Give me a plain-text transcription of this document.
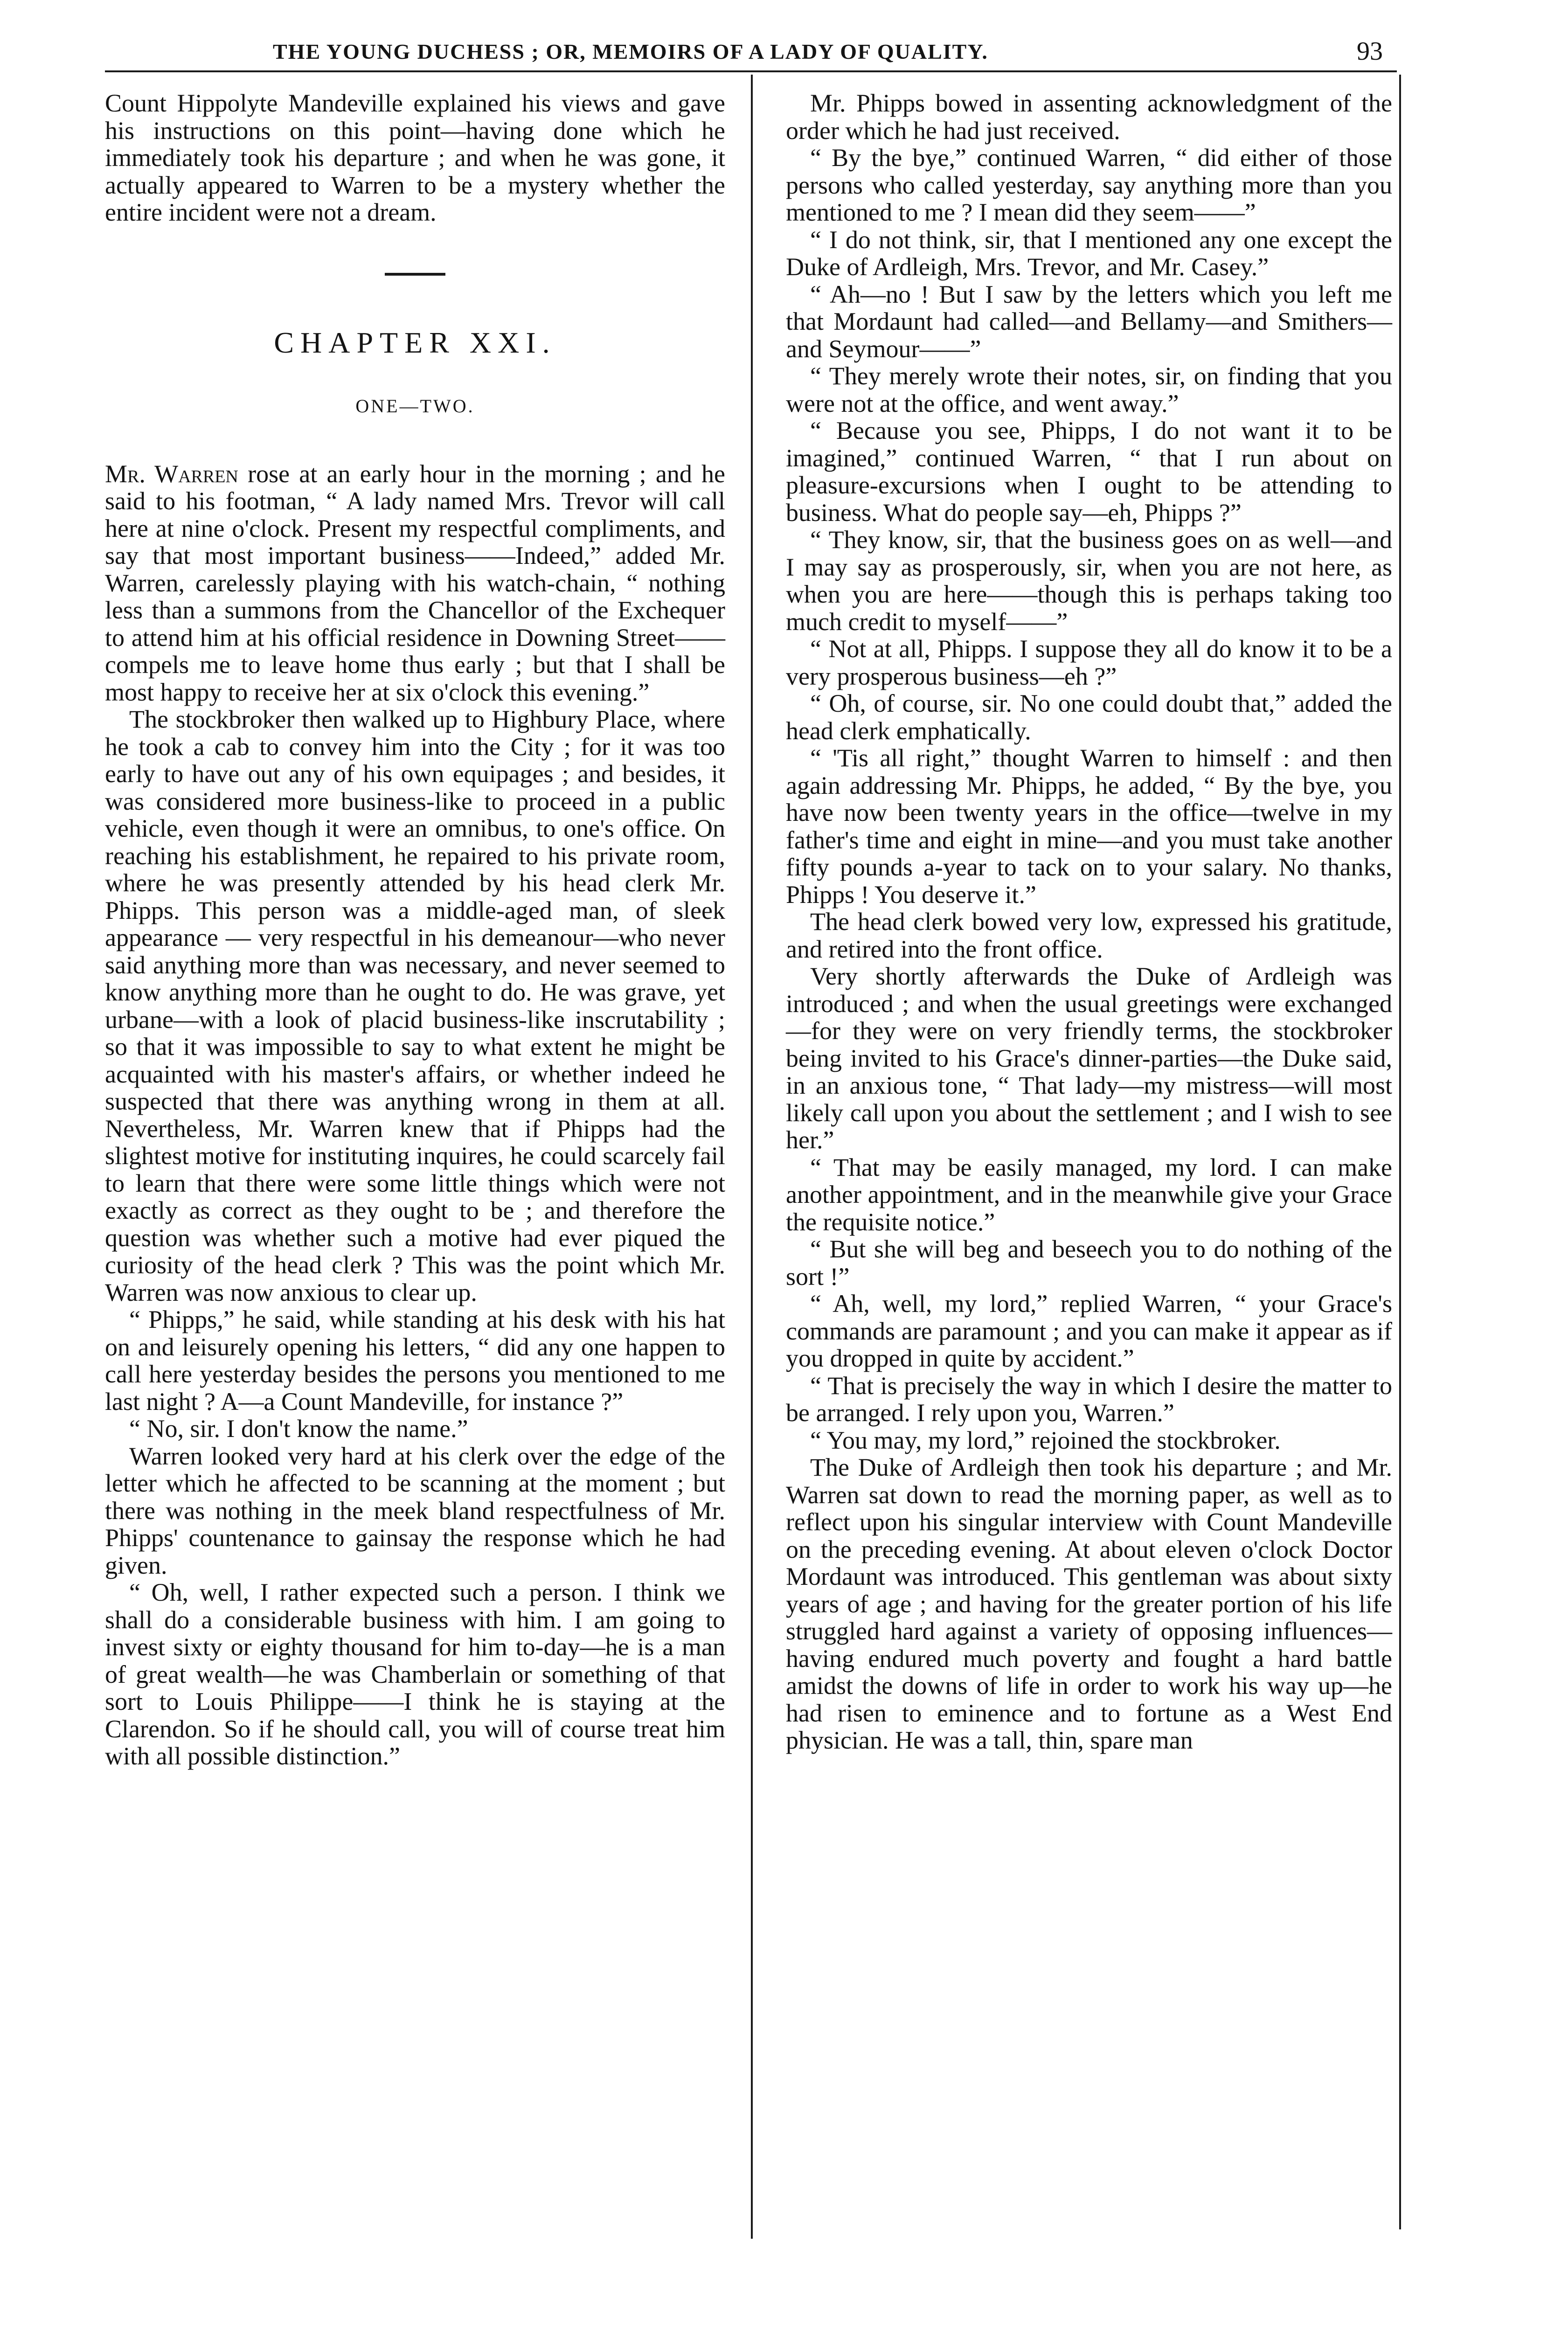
THE YOUNG DUCHESS ; OR, MEMOIRS OF A LADY OF QUALITY.	93

Count Hippolyte Mandeville explained his views and gave his instructions on this point—having done which he immediately took his departure ; and when he was gone, it actually appeared to Warren to be a mystery whether the entire incident were not a dream.

CHAPTER XXI.
ONE—TWO.

Mr. Warren rose at an early hour in the morning ; and he said to his footman, “ A lady named Mrs. Trevor will call here at nine o'clock. Present my respectful compliments, and say that most important business——Indeed,” added Mr. Warren, carelessly playing with his watch-chain, “ nothing less than a summons from the Chancellor of the Exchequer to attend him at his official residence in Downing Street——compels me to leave home thus early ; but that I shall be most happy to receive her at six o'clock this evening.”

The stockbroker then walked up to Highbury Place, where he took a cab to convey him into the City ; for it was too early to have out any of his own equipages ; and besides, it was considered more business-like to proceed in a public vehicle, even though it were an omnibus, to one's office. On reaching his establishment, he repaired to his private room, where he was presently attended by his head clerk Mr. Phipps. This person was a middle-aged man, of sleek appearance — very respectful in his demeanour—who never said anything more than was necessary, and never seemed to know anything more than he ought to do. He was grave, yet urbane—with a look of placid business-like inscrutability ; so that it was impossible to say to what extent he might be acquainted with his master's affairs, or whether indeed he suspected that there was anything wrong in them at all. Nevertheless, Mr. Warren knew that if Phipps had the slightest motive for instituting inquires, he could scarcely fail to learn that there were some little things which were not exactly as correct as they ought to be ; and therefore the question was whether such a motive had ever piqued the curiosity of the head clerk ? This was the point which Mr. Warren was now anxious to clear up.

“ Phipps,” he said, while standing at his desk with his hat on and leisurely opening his letters, “ did any one happen to call here yesterday besides the persons you mentioned to me last night ? A—a Count Mandeville, for instance ?”

“ No, sir. I don't know the name.”

Warren looked very hard at his clerk over the edge of the letter which he affected to be scanning at the moment ; but there was nothing in the meek bland respectfulness of Mr. Phipps' countenance to gainsay the response which he had given.

“ Oh, well, I rather expected such a person. I think we shall do a considerable business with him. I am going to invest sixty or eighty thousand for him to-day—he is a man of great wealth—he was Chamberlain or something of that sort to Louis Philippe——I think he is staying at the Clarendon. So if he should call, you will of course treat him with all possible distinction.”

Mr. Phipps bowed in assenting acknowledgment of the order which he had just received.

“ By the bye,” continued Warren, “ did either of those persons who called yesterday, say anything more than you mentioned to me ? I mean did they seem——”

“ I do not think, sir, that I mentioned any one except the Duke of Ardleigh, Mrs. Trevor, and Mr. Casey.”

“ Ah—no ! But I saw by the letters which you left me that Mordaunt had called—and Bellamy—and Smithers—and Seymour——”

“ They merely wrote their notes, sir, on finding that you were not at the office, and went away.”

“ Because you see, Phipps, I do not want it to be imagined,” continued Warren, “ that I run about on pleasure-excursions when I ought to be attending to business. What do people say—eh, Phipps ?”

“ They know, sir, that the business goes on as well—and I may say as prosperously, sir, when you are not here, as when you are here——though this is perhaps taking too much credit to myself——”

“ Not at all, Phipps. I suppose they all do know it to be a very prosperous business—eh ?”

“ Oh, of course, sir. No one could doubt that,” added the head clerk emphatically.

“ 'Tis all right,” thought Warren to himself : and then again addressing Mr. Phipps, he added, “ By the bye, you have now been twenty years in the office—twelve in my father's time and eight in mine—and you must take another fifty pounds a-year to tack on to your salary. No thanks, Phipps ! You deserve it.”

The head clerk bowed very low, expressed his gratitude, and retired into the front office.

Very shortly afterwards the Duke of Ardleigh was introduced ; and when the usual greetings were exchanged—for they were on very friendly terms, the stockbroker being invited to his Grace's dinner-parties—the Duke said, in an anxious tone, “ That lady—my mistress—will most likely call upon you about the settlement ; and I wish to see her.”

“ That may be easily managed, my lord. I can make another appointment, and in the meanwhile give your Grace the requisite notice.”

“ But she will beg and beseech you to do nothing of the sort !”

“ Ah, well, my lord,” replied Warren, “ your Grace's commands are paramount ; and you can make it appear as if you dropped in quite by accident.”

“ That is precisely the way in which I desire the matter to be arranged. I rely upon you, Warren.”

“ You may, my lord,” rejoined the stockbroker.

The Duke of Ardleigh then took his departure ; and Mr. Warren sat down to read the morning paper, as well as to reflect upon his singular interview with Count Mandeville on the preceding evening. At about eleven o'clock Doctor Mordaunt was introduced. This gentleman was about sixty years of age ; and having for the greater portion of his life struggled hard against a variety of opposing influences—having endured much poverty and fought a hard battle amidst the downs of life in order to work his way up—he had risen to eminence and to fortune as a West End physician. He was a tall, thin, spare man
